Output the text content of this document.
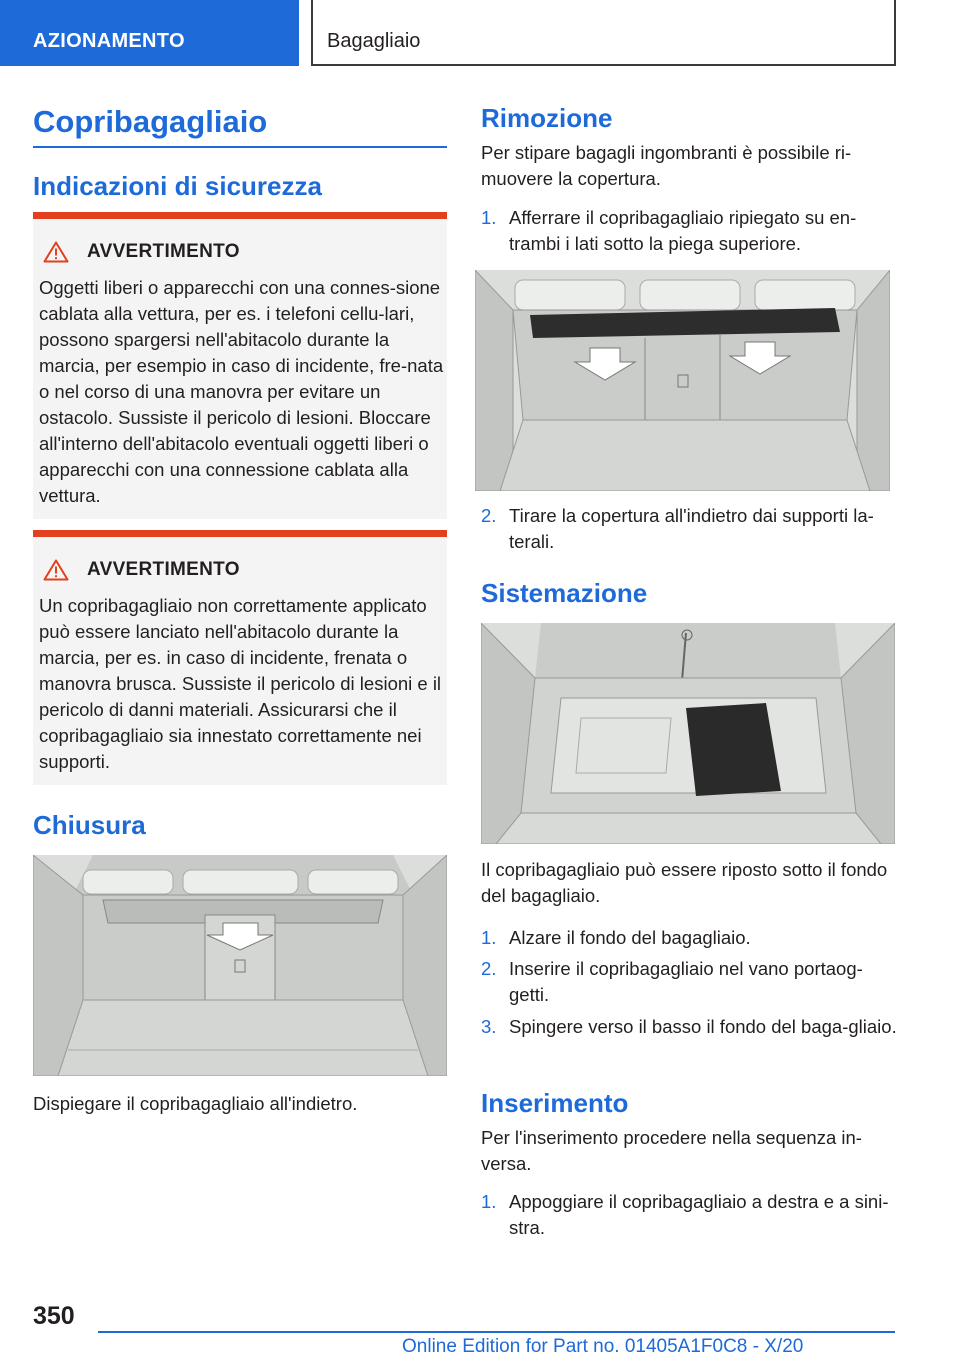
AZIONAMENTO	Bagagliaio
Copribagagliaio
Indicazioni di sicurezza
AVVERTIMENTO
Oggetti liberi o apparecchi con una connes-sione cablata alla vettura, per es. i telefoni cellu-lari, possono spargersi nell'abitacolo durante la marcia, per esempio in caso di incidente, fre-nata o nel corso di una manovra per evitare un ostacolo. Sussiste il pericolo di lesioni. Bloccare all'interno dell'abitacolo eventuali oggetti liberi o apparecchi con una connessione cablata alla vettura.
AVVERTIMENTO
Un copribagagliaio non correttamente applicato può essere lanciato nell'abitacolo durante la marcia, per es. in caso di incidente, frenata o manovra brusca. Sussiste il pericolo di lesioni e il pericolo di danni materiali. Assicurarsi che il copribagagliaio sia innestato correttamente nei supporti.
Chiusura
Dispiegare il copribagagliaio all'indietro.
Rimozione
Per stipare bagagli ingombranti è possibile ri-muovere la copertura.
1. Afferrare il copribagagliaio ripiegato su en-trambi i lati sotto la piega superiore.
2. Tirare la copertura all'indietro dai supporti la-terali.
Sistemazione
Il copribagagliaio può essere riposto sotto il fondo del bagagliaio.
1. Alzare il fondo del bagagliaio.
2. Inserire il copribagagliaio nel vano portaog-getti.
3. Spingere verso il basso il fondo del baga-gliaio.
Inserimento
Per l'inserimento procedere nella sequenza in-versa.
1. Appoggiare il copribagagliaio a destra e a sini-stra.
350
Online Edition for Part no. 01405A1F0C8 - X/20
